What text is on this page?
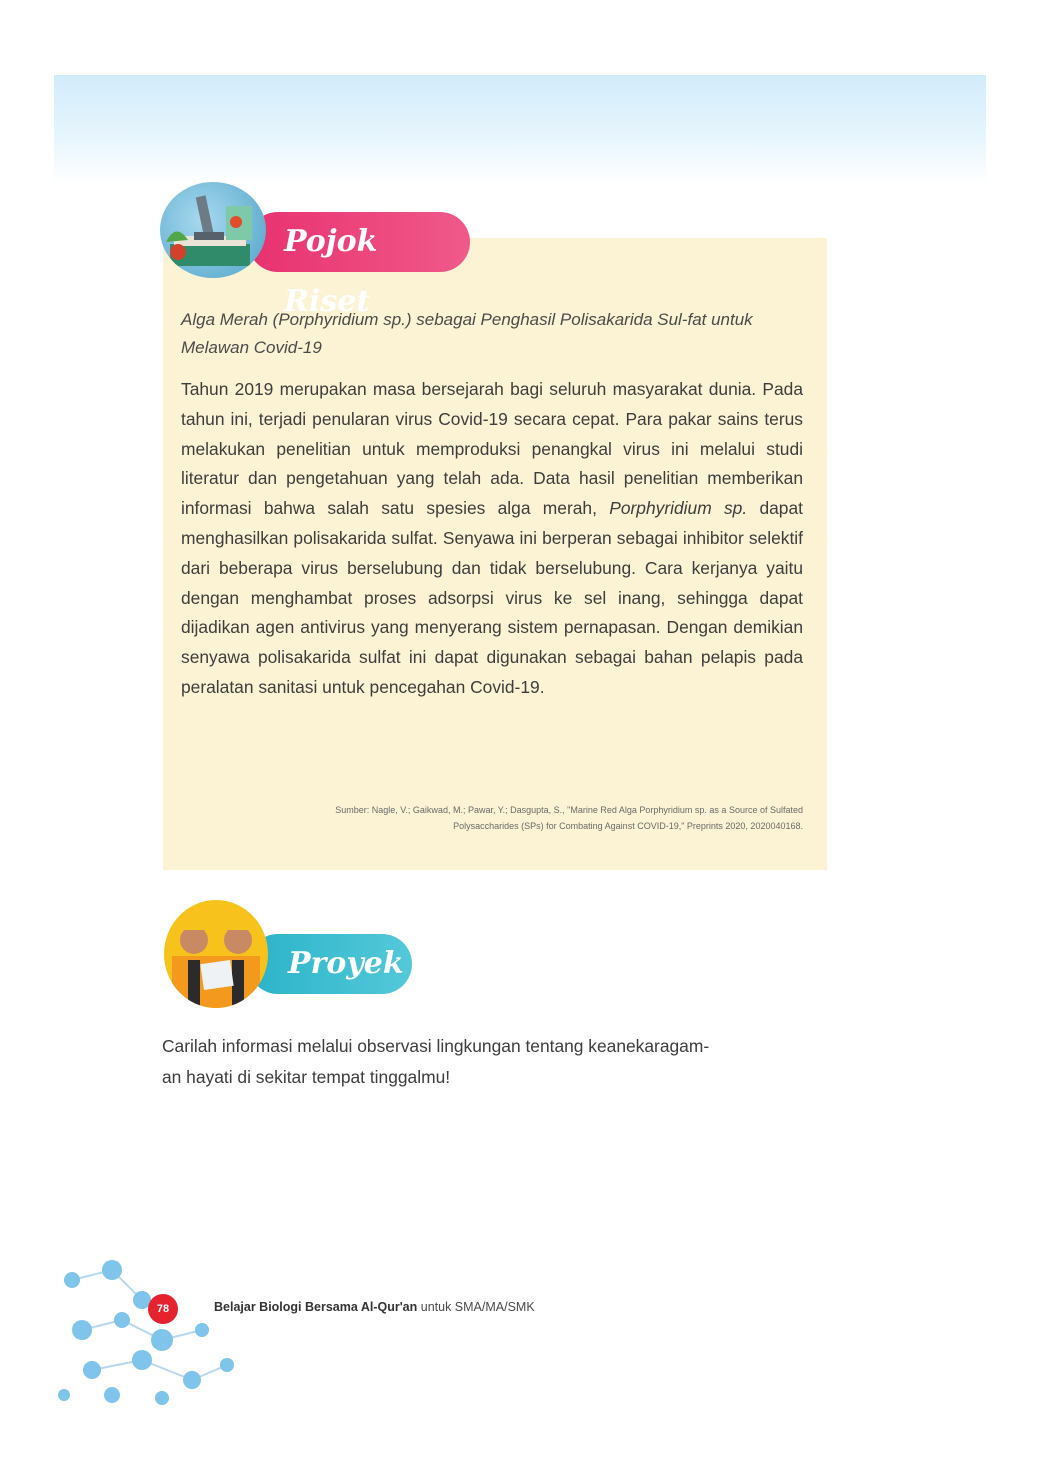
Pojok Riset

Alga Merah (Porphyridium sp.) sebagai Penghasil Polisakarida Sul-fat untuk Melawan Covid-19

Tahun 2019 merupakan masa bersejarah bagi seluruh masyarakat dunia. Pada tahun ini, terjadi penularan virus Covid-19 secara cepat. Para pakar sains terus melakukan penelitian untuk memproduksi penangkal virus ini melalui studi literatur dan pengetahuan yang telah ada. Data hasil penelitian memberikan informasi bahwa salah satu spesies alga merah, Porphyridium sp. dapat menghasilkan polisakarida sulfat. Senyawa ini berperan sebagai inhibitor selektif dari beberapa virus berselubung dan tidak berselubung. Cara kerjanya yaitu dengan menghambat proses adsorpsi virus ke sel inang, sehingga dapat dijadikan agen antivirus yang menyerang sistem pernapasan. Dengan demikian senyawa polisakarida sulfat ini dapat digunakan sebagai bahan pelapis pada peralatan sanitasi untuk pencegahan Covid-19.

Sumber: Nagle, V.; Gaikwad, M.; Pawar, Y.; Dasgupta, S., "Marine Red Alga Porphyridium sp. as a Source of Sulfated
Polysaccharides (SPs) for Combating Against COVID-19," Preprints 2020, 2020040168.

Proyek

Carilah informasi melalui observasi lingkungan tentang keanekaragam-
an hayati di sekitar tempat tinggalmu!

78	Belajar Biologi Bersama Al-Qur'an untuk SMA/MA/SMK
